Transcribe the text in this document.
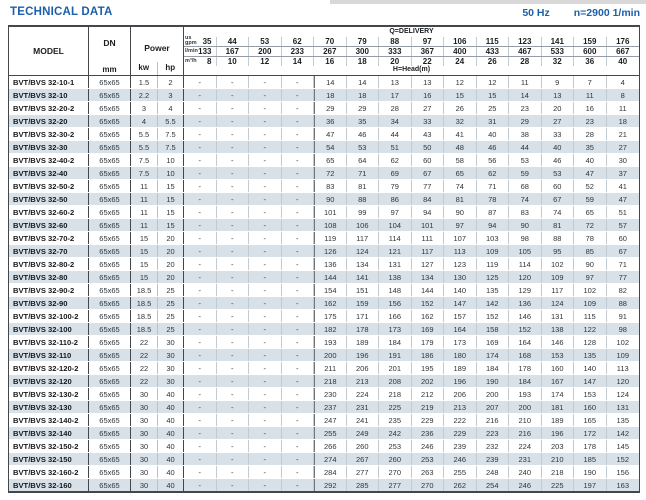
TECHNICAL DATA	50 Hz n=2900 1/min
MODEL
DN
mm
Power
kw	hp
Q=DELIVERY
us gpm 35	44	53	62	70	79	88	97	106	115	123	141	159	176
l/min 133	167	200	233	267	300	333	367	400	433	467	533	600	667
m³/h	8	10	12	14	16	18	20	22	24	26	28	32	36	40
H=Head(m)
BVT/BVS 32-10-1	65x65	1.5	2	-	-	-	-	14	14	13	13	12	12	11	9	7	4
BVT/BVS 32-10	65x65	2.2	3	-	-	-	-	18	18	17	16	15	15	14	13	11	8
BVT/BVS 32-20-2	65x65	3	4	-	-	-	-	29	29	28	27	26	25	23	20	16	11
BVT/BVS 32-20	65x65	4	5.5	-	-	-	-	36	35	34	33	32	31	29	27	23	18
BVT/BVS 32-30-2	65x65	5.5	7.5	-	-	-	-	47	46	44	43	41	40	38	33	28	21
BVT/BVS 32-30	65x65	5.5	7.5	-	-	-	-	54	53	51	50	48	46	44	40	35	27
BVT/BVS 32-40-2	65x65	7.5	10	-	-	-	-	65	64	62	60	58	56	53	46	40	30
BVT/BVS 32-40	65x65	7.5	10	-	-	-	-	72	71	69	67	65	62	59	53	47	37
BVT/BVS 32-50-2	65x65	11	15	-	-	-	-	83	81	79	77	74	71	68	60	52	41
BVT/BVS 32-50	65x65	11	15	-	-	-	-	90	88	86	84	81	78	74	67	59	47
BVT/BVS 32-60-2	65x65	11	15	-	-	-	-	101	99	97	94	90	87	83	74	65	51
BVT/BVS 32-60	65x65	11	15	-	-	-	-	108	106	104	101	97	94	90	81	72	57
BVT/BVS 32-70-2	65x65	15	20	-	-	-	-	119	117	114	111	107	103	98	88	78	60
BVT/BVS 32-70	65x65	15	20	-	-	-	-	126	124	121	117	113	109	105	95	85	67
BVT/BVS 32-80-2	65x65	15	20	-	-	-	-	136	134	131	127	123	119	114	102	90	71
BVT/BVS 32-80	65x65	15	20	-	-	-	-	144	141	138	134	130	125	120	109	97	77
BVT/BVS 32-90-2	65x65	18.5	25	-	-	-	-	154	151	148	144	140	135	129	117	102	82
BVT/BVS 32-90	65x65	18.5	25	-	-	-	-	162	159	156	152	147	142	136	124	109	88
BVT/BVS 32-100-2	65x65	18.5	25	-	-	-	-	175	171	166	162	157	152	146	131	115	91
BVT/BVS 32-100	65x65	18.5	25	-	-	-	-	182	178	173	169	164	158	152	138	122	98
BVT/BVS 32-110-2	65x65	22	30	-	-	-	-	193	189	184	179	173	169	164	146	128	102
BVT/BVS 32-110	65x65	22	30	-	-	-	-	200	196	191	186	180	174	168	153	135	109
BVT/BVS 32-120-2	65x65	22	30	-	-	-	-	211	206	201	195	189	184	178	160	140	113
BVT/BVS 32-120	65x65	22	30	-	-	-	-	218	213	208	202	196	190	184	167	147	120
BVT/BVS 32-130-2	65x65	30	40	-	-	-	-	230	224	218	212	206	200	193	174	153	124
BVT/BVS 32-130	65x65	30	40	-	-	-	-	237	231	225	219	213	207	200	181	160	131
BVT/BVS 32-140-2	65x65	30	40	-	-	-	-	247	241	235	229	222	216	210	189	165	135
BVT/BVS 32-140	65x65	30	40	-	-	-	-	255	249	242	236	229	223	216	196	172	142
BVT/BVS 32-150-2	65x65	30	40	-	-	-	-	266	260	253	246	239	232	224	203	178	145
BVT/BVS 32-150	65x65	30	40	-	-	-	-	274	267	260	253	246	239	231	210	185	152
BVT/BVS 32-160-2	65x65	30	40	-	-	-	-	284	277	270	263	255	248	240	218	190	156
BVT/BVS 32-160	65x65	30	40	-	-	-	-	292	285	277	270	262	254	246	225	197	163
